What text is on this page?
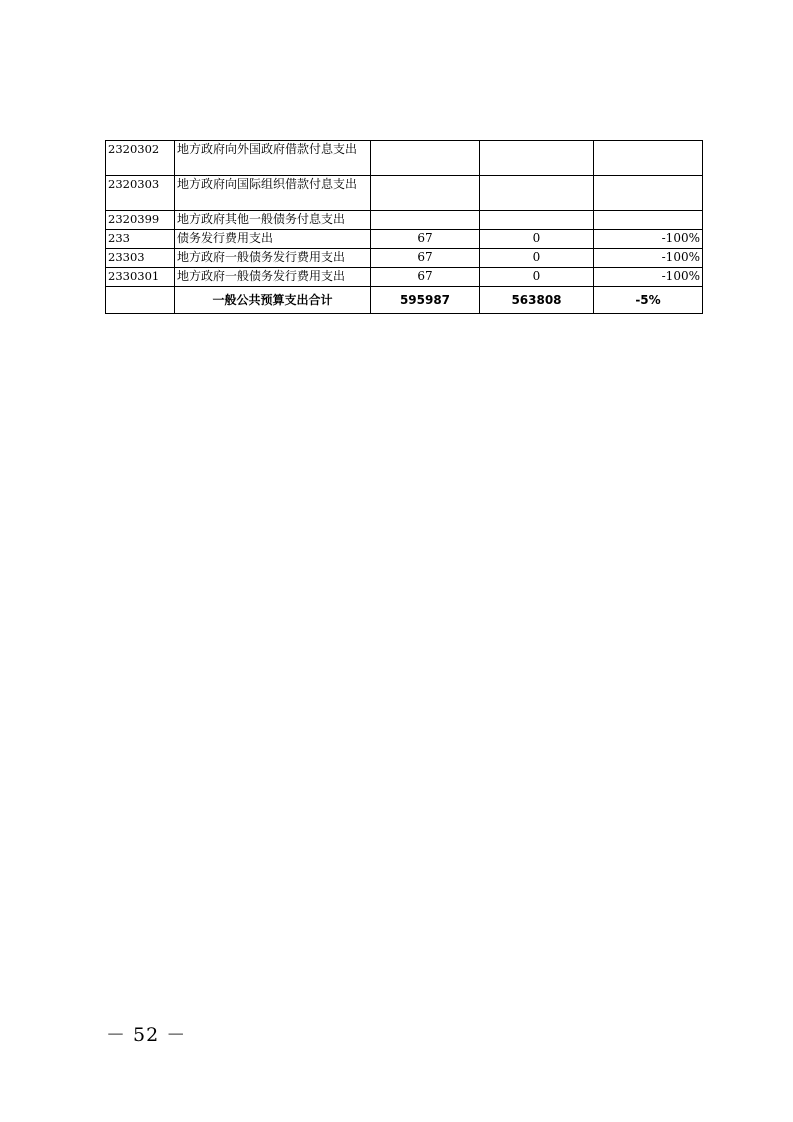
2320302	地方政府向外国政府借款付息支出			
2320303	地方政府向国际组织借款付息支出			
2320399	地方政府其他一般债务付息支出			
233	债务发行费用支出	67	0	-100%
23303	地方政府一般债务发行费用支出	67	0	-100%
2330301	地方政府一般债务发行费用支出	67	0	-100%
	一般公共预算支出合计	595987	563808	-5%
－ 52 －
